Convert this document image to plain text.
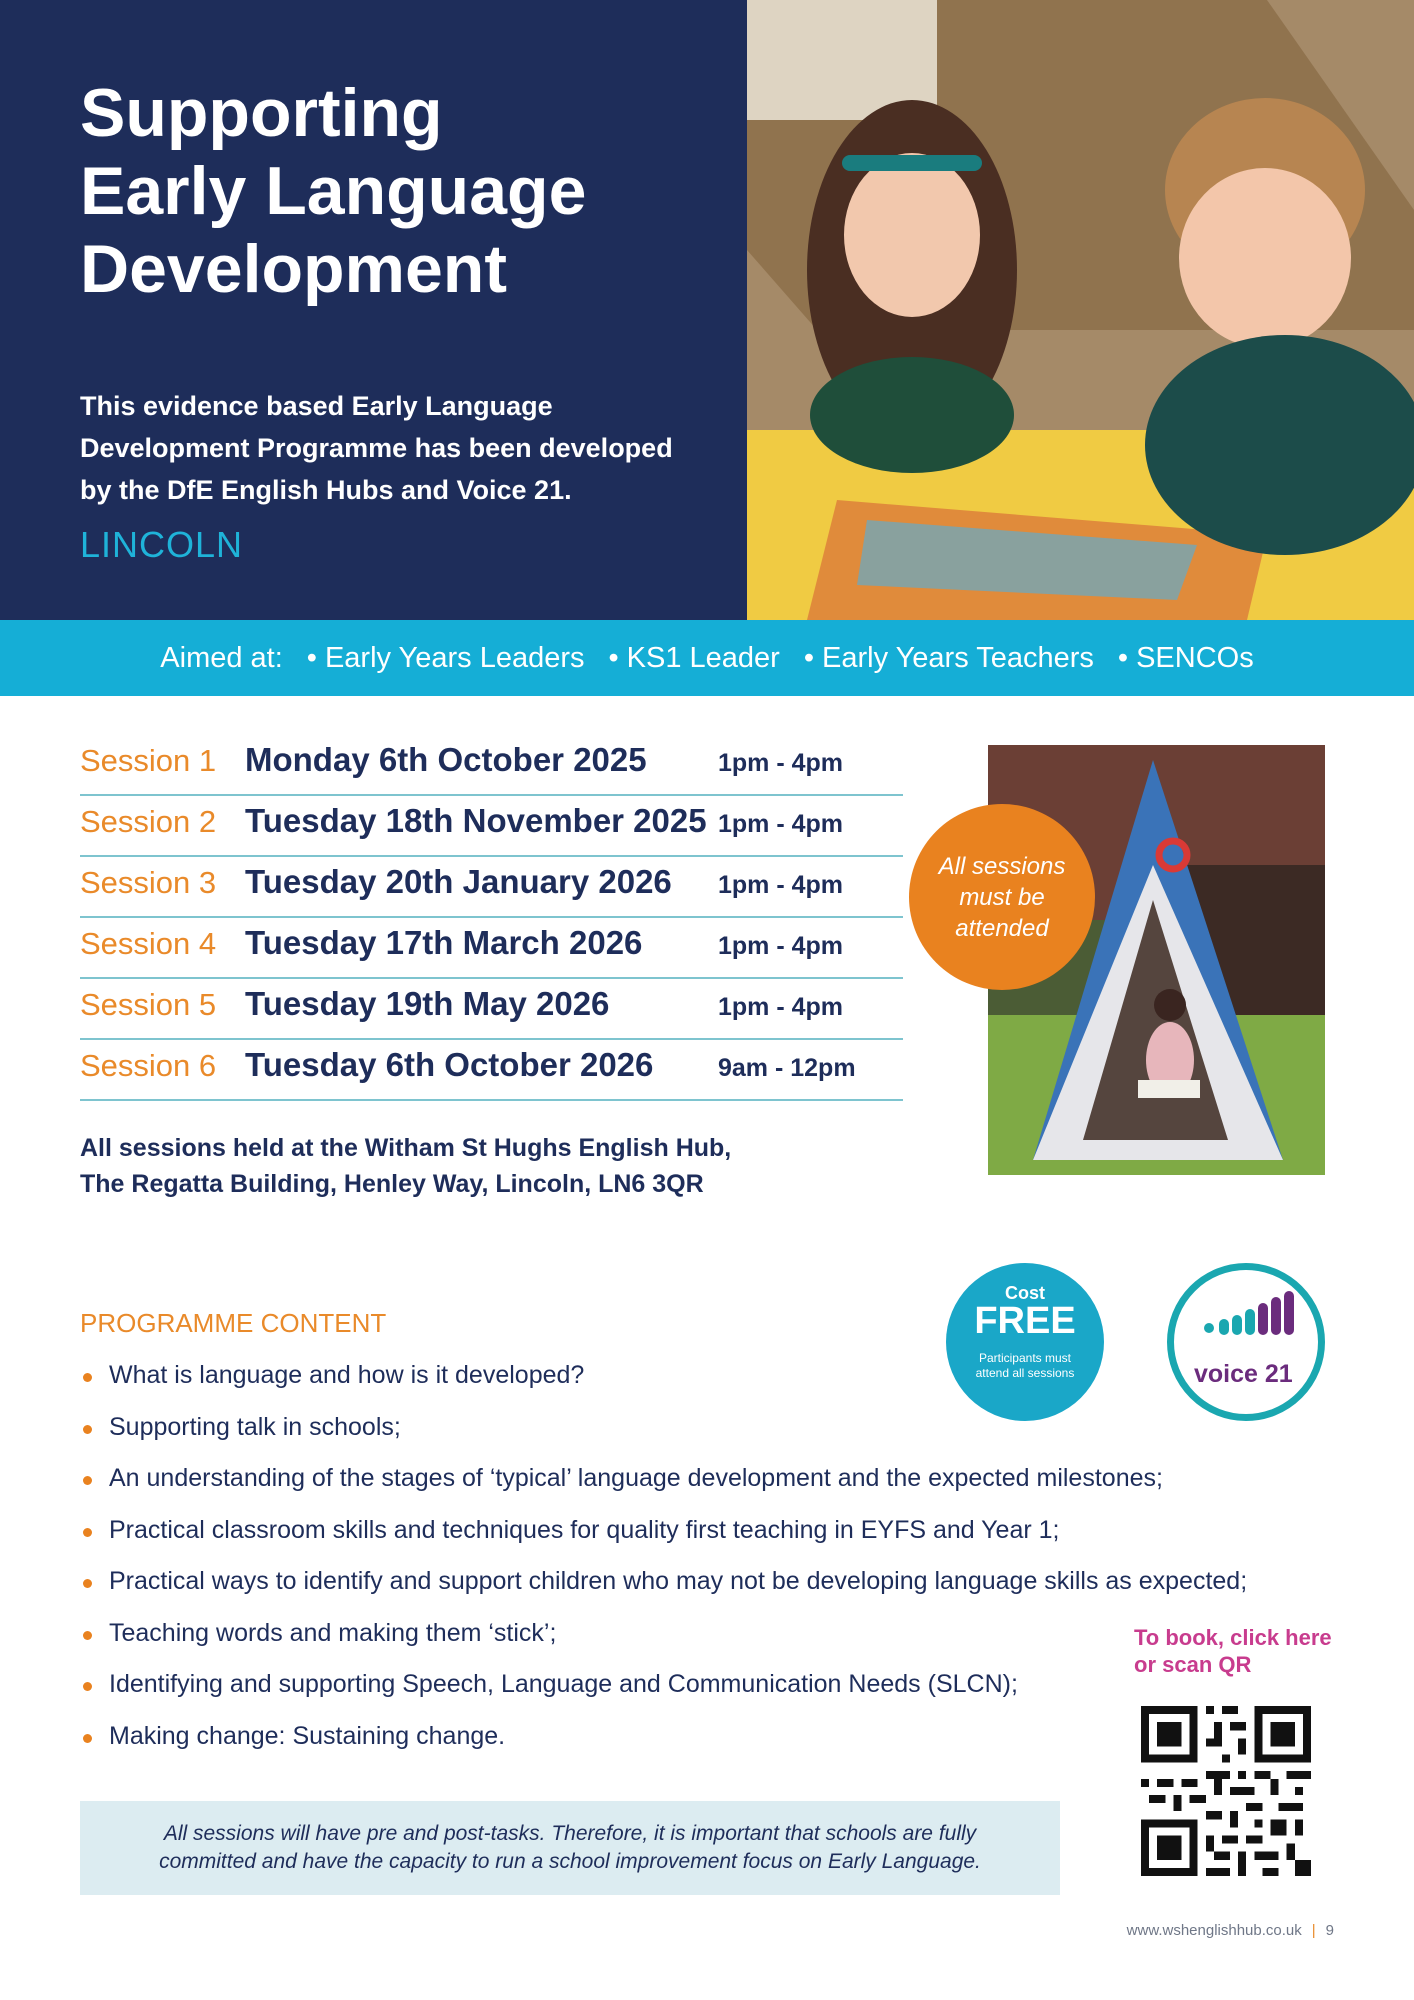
Supporting
Early Language
Development

This evidence based Early Language Development Programme has been developed by the DfE English Hubs and Voice 21.

LINCOLN
Aimed at:	• Early Years Leaders	• KS1 Leader	• Early Years Teachers	• SENCOs
Session 1 Monday 6th October 2025	1pm - 4pm
Session 2 Tuesday 18th November 2025 1pm - 4pm
Session 3 Tuesday 20th January 2026 1pm - 4pm
Session 4 Tuesday 17th March 2026	1pm - 4pm
Session 5 Tuesday 19th May 2026	1pm - 4pm
Session 6 Tuesday 6th October 2026	9am - 12pm
All sessions must be attended
All sessions held at the Witham St Hughs English Hub,
The Regatta Building, Henley Way, Lincoln, LN6 3QR
PROGRAMME CONTENT
What is language and how is it developed?
Supporting talk in schools;
An understanding of the stages of ‘typical’ language development and the expected milestones;
Practical classroom skills and techniques for quality first teaching in EYFS and Year 1;
Practical ways to identify and support children who may not be developing language skills as expected;
Teaching words and making them ‘stick’;
Identifying and supporting Speech, Language and Communication Needs (SLCN);
Making change: Sustaining change.
Cost
FREE
Participants must attend all sessions	voice 21
To book, click here
or scan QR
All sessions will have pre and post-tasks. Therefore, it is important that schools are fully committed and have the capacity to run a school improvement focus on Early Language.
www.wshenglishhub.co.uk | 9
